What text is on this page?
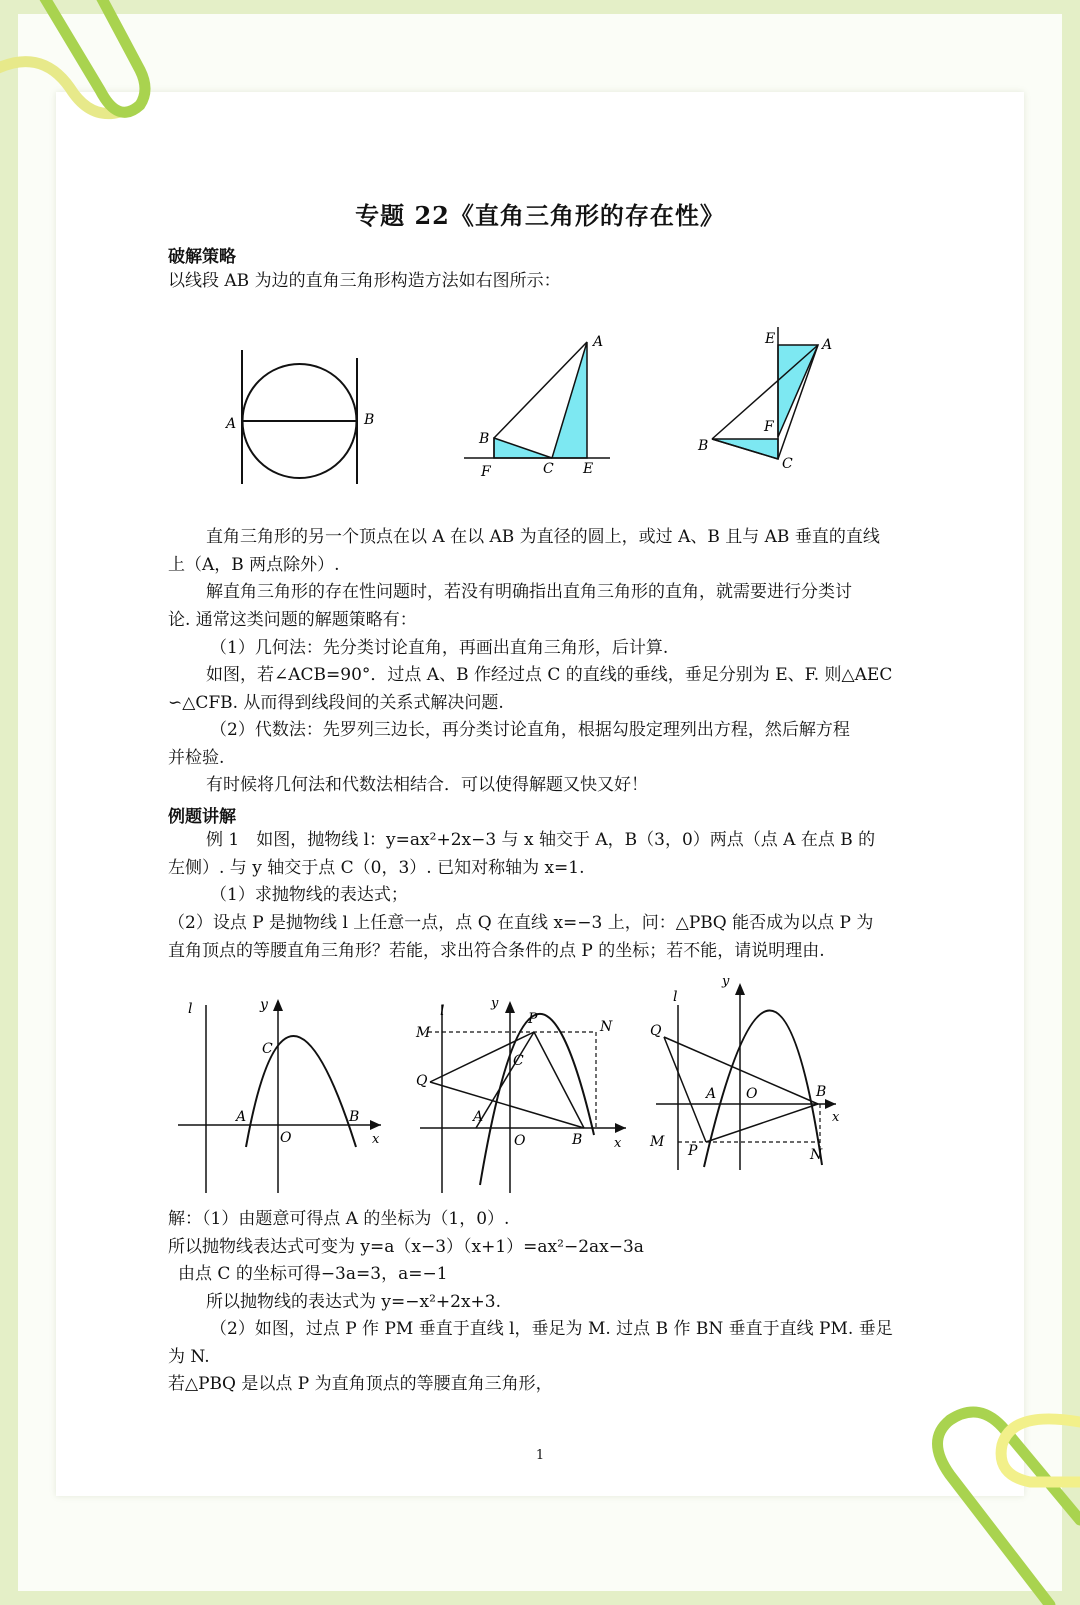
专题 22《直角三角形的存在性》
破解策略
以线段 AB 为边的直角三角形构造方法如右图所示：
A	B
A
B
F	C E
E	A
F
B
C
直角三角形的另一个顶点在以 A 在以 AB 为直径的圆上，或过 A、B 且与 AB 垂直的直线
上（A，B 两点除外）.
解直角三角形的存在性问题时，若没有明确指出直角三角形的直角，就需要进行分类讨
论. 通常这类问题的解题策略有：
（1）几何法：先分类讨论直角，再画出直角三角形，后计算.
如图，若∠ACB=90°．过点 A、B 作经过点 C 的直线的垂线，垂足分别为 E、F. 则△AEC
∽△CFB. 从而得到线段间的关系式解决问题.
（2）代数法：先罗列三边长，再分类讨论直角，根据勾股定理列出方程，然后解方程
并检验.
有时候将几何法和代数法相结合．可以使得解题又快又好！
例题讲解
例 1　如图，抛物线 l：y=ax²+2x−3 与 x 轴交于 A，B（3，0）两点（点 A 在点 B 的
左侧）. 与 y 轴交于点 C（0，3）. 已知对称轴为 x=1.
（1）求抛物线的表达式；
（2）设点 P 是抛物线 l 上任意一点，点 Q 在直线 x=−3 上，问：△PBQ 能否成为以点 P 为
直角顶点的等腰直角三角形？若能，求出符合条件的点 P 的坐标；若不能，请说明理由.
l	y
C
A	B
O	x
l	y
P	N
M
C
Q
A
O	B x
l
y
Q
A O	B
x
M
P	N
解：（1）由题意可得点 A 的坐标为（1，0）.
所以抛物线表达式可变为 y=a（x−3）（x+1）=ax²−2ax−3a
由点 C 的坐标可得−3a=3，a=−1
所以抛物线的表达式为 y=−x²+2x+3.
（2）如图，过点 P 作 PM 垂直于直线 l，垂足为 M. 过点 B 作 BN 垂直于直线 PM. 垂足
为 N.
若△PBQ 是以点 P 为直角顶点的等腰直角三角形，
1
